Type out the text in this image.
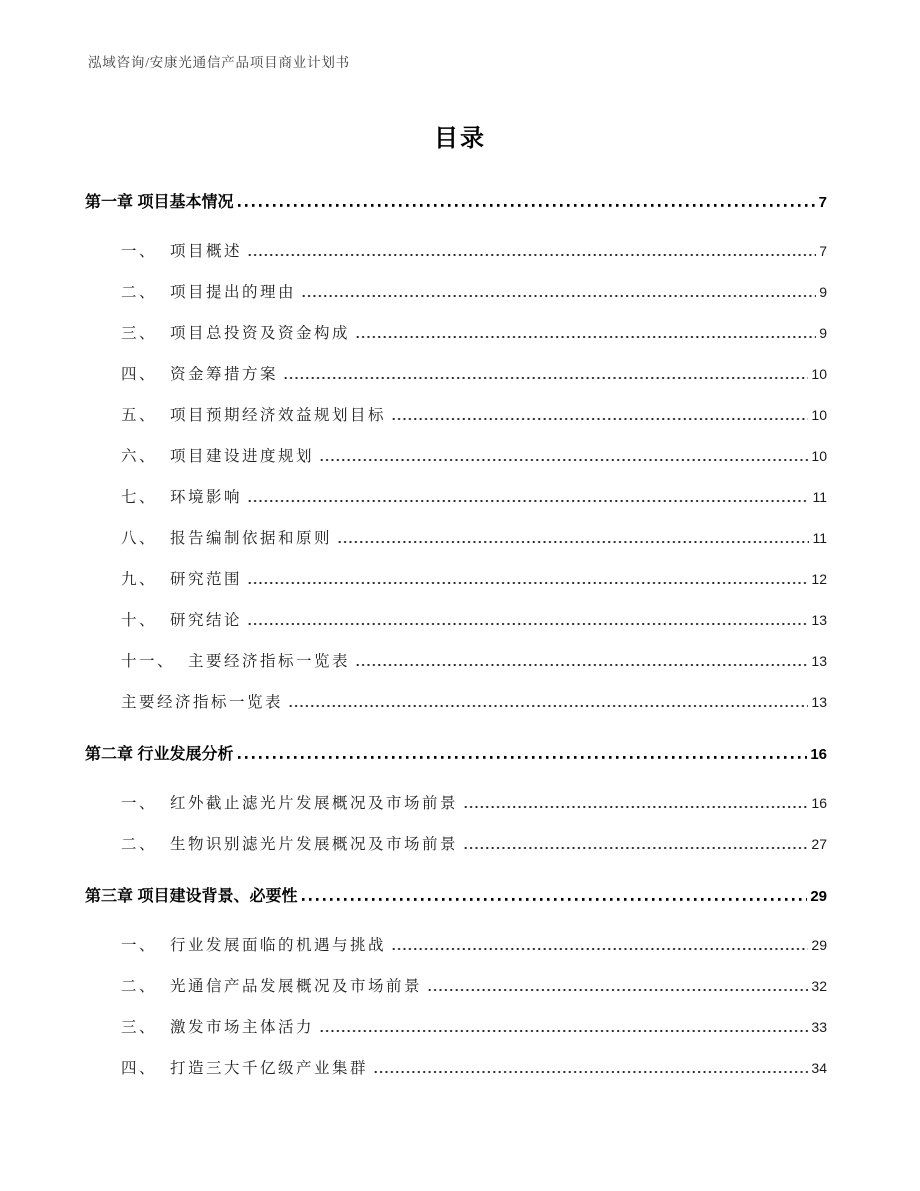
泓域咨询/安康光通信产品项目商业计划书
目录
第一章 项目基本情况	7
一、 项目概述	7
二、 项目提出的理由	9
三、 项目总投资及资金构成	9
四、 资金筹措方案	10
五、 项目预期经济效益规划目标	10
六、 项目建设进度规划	10
七、 环境影响	11
八、 报告编制依据和原则	11
九、 研究范围	12
十、 研究结论	13
十一、 主要经济指标一览表	13
主要经济指标一览表	13
第二章 行业发展分析	16
一、 红外截止滤光片发展概况及市场前景	16
二、 生物识别滤光片发展概况及市场前景	27
第三章 项目建设背景、必要性	29
一、 行业发展面临的机遇与挑战	29
二、 光通信产品发展概况及市场前景	32
三、 激发市场主体活力	33
四、 打造三大千亿级产业集群	34
